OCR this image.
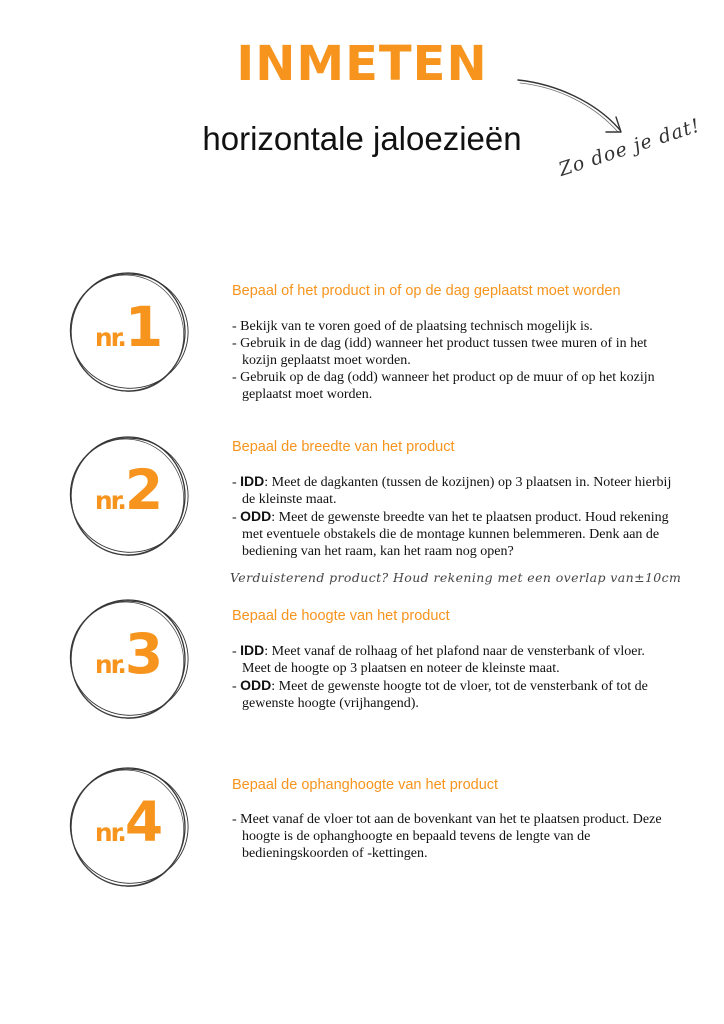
INMETEN
horizontale jaloezieën	Zo doe je dat!
nr.1
Bepaal of het product in of op de dag geplaatst moet worden

- Bekijk van te voren goed of de plaatsing technisch mogelijk is.

- Gebruik in de dag (idd) wanneer het product tussen twee muren of in het kozijn geplaatst moet worden.

- Gebruik op de dag (odd) wanneer het product op de muur of op het kozijn geplaatst moet worden.

nr.2
Bepaal de breedte van het product

- IDD: Meet de dagkanten (tussen de kozijnen) op 3 plaatsen in. Noteer hierbij de kleinste maat.

- ODD: Meet de gewenste breedte van het te plaatsen product. Houd rekening met eventuele obstakels die de montage kunnen belemmeren. Denk aan de bediening van het raam, kan het raam nog open?

Verduisterend product? Houd rekening met een overlap van±10cm
nr.3
Bepaal de hoogte van het product

- IDD: Meet vanaf de rolhaag of het plafond naar de vensterbank of vloer. Meet de hoogte op 3 plaatsen en noteer de kleinste maat.

- ODD: Meet de gewenste hoogte tot de vloer, tot de vensterbank of tot de gewenste hoogte (vrijhangend).

nr.4
Bepaal de ophanghoogte van het product

- Meet vanaf de vloer tot aan de bovenkant van het te plaatsen product. Deze hoogte is de ophanghoogte en bepaald tevens de lengte van de bedieningskoorden of -kettingen.
